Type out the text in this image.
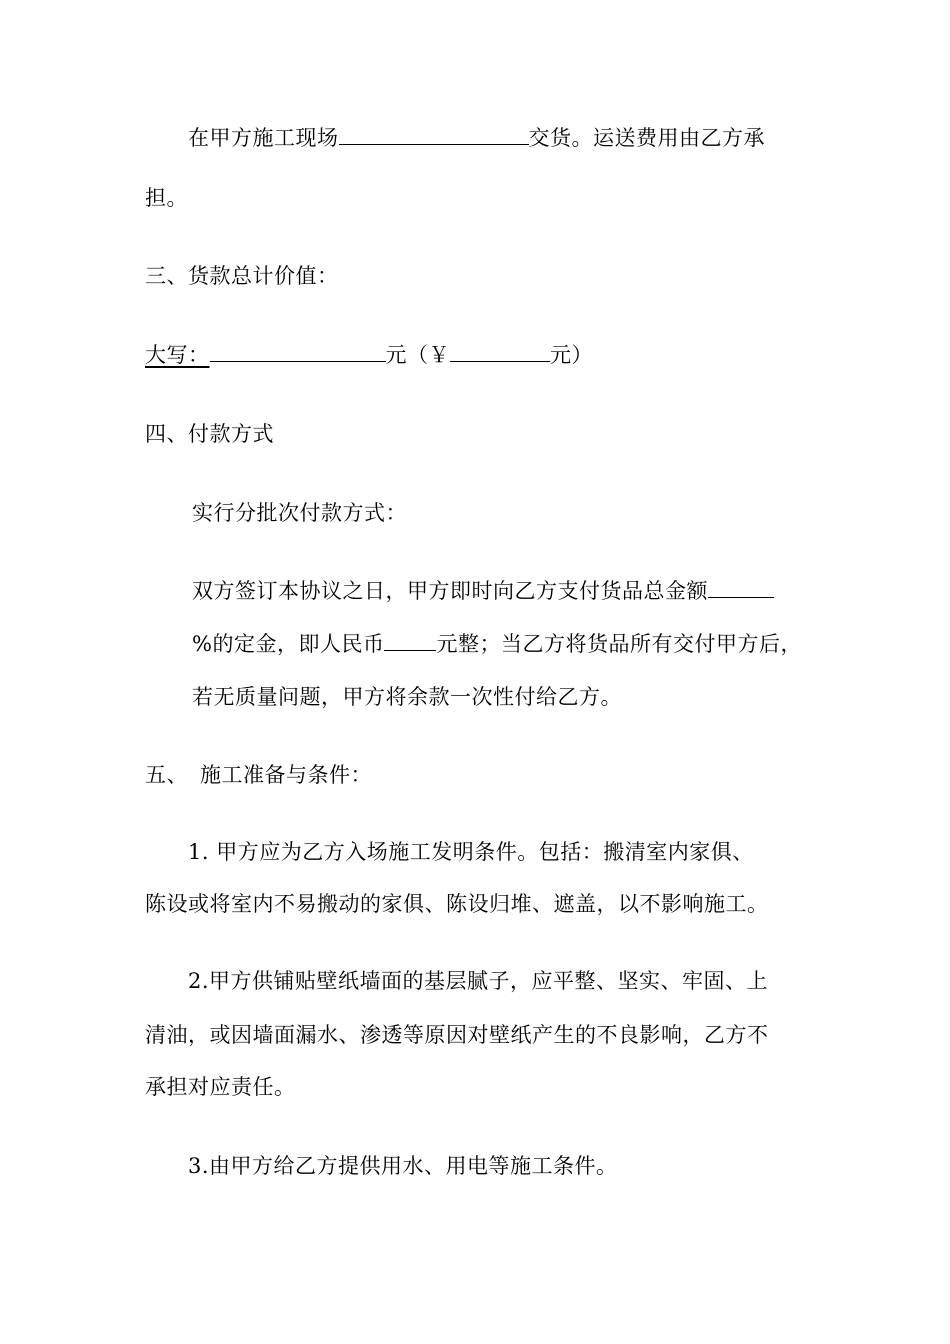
在甲方施工现场	交货。运送费用由乙方承
担。
三、货款总计价值：
大写：	元（￥	元）
四、付款方式
实行分批次付款方式：
双方签订本协议之日，甲方即时向乙方支付货品总金额
%的定金，即人民币 元整；当乙方将货品所有交付甲方后，
若无质量问题，甲方将余款一次性付给乙方。
五、 施工准备与条件：
1. 甲方应为乙方入场施工发明条件。包括：搬清室内家俱、
陈设或将室内不易搬动的家俱、陈设归堆、遮盖，以不影响施工。
2.甲方供铺贴壁纸墙面的基层腻子，应平整、坚实、牢固、上
清油，或因墙面漏水、渗透等原因对壁纸产生的不良影响，乙方不
承担对应责任。
3.由甲方给乙方提供用水、用电等施工条件。
